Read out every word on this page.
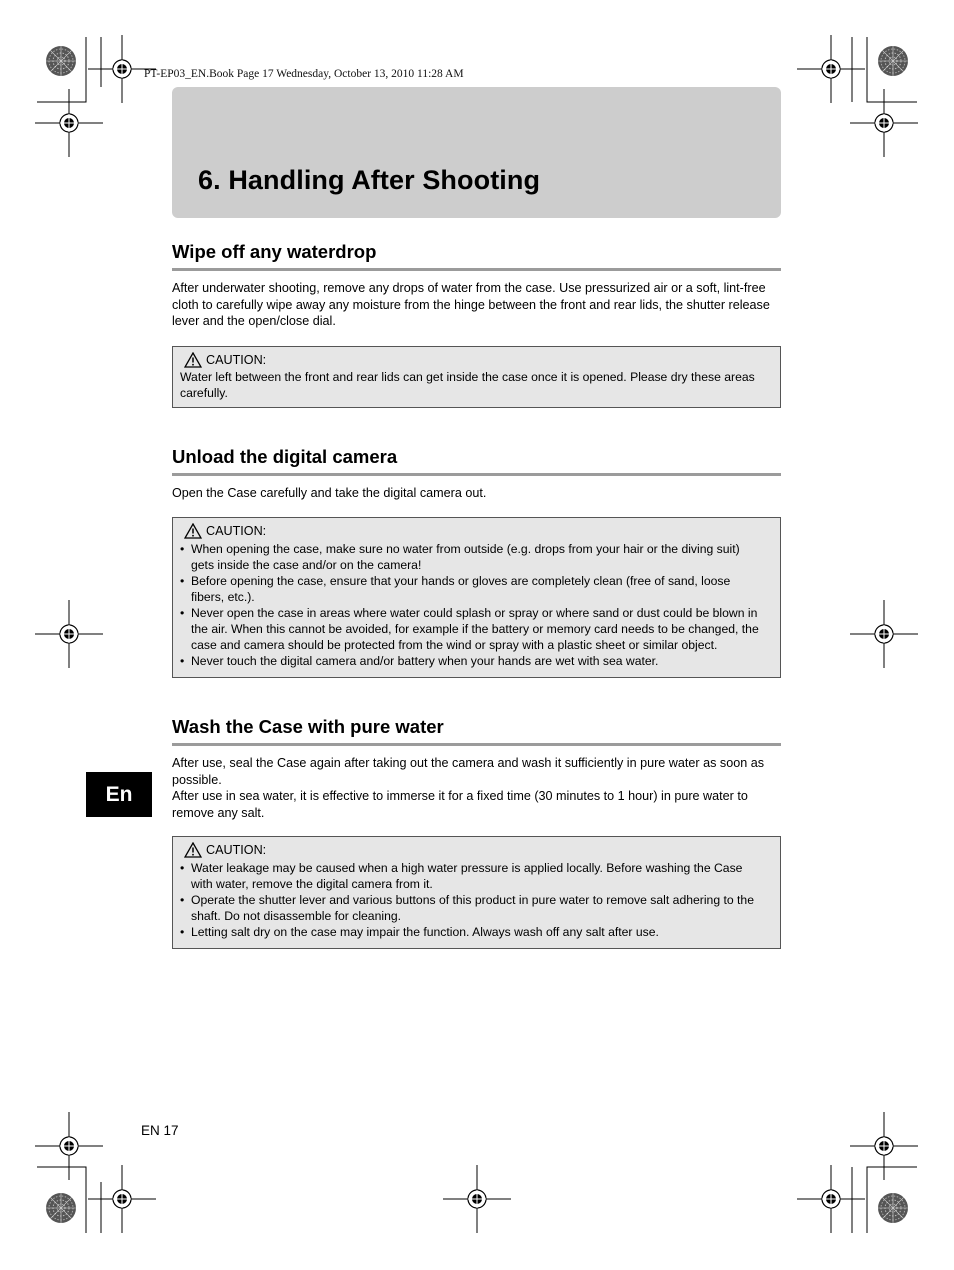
PT-EP03_EN.Book Page 17 Wednesday, October 13, 2010 11:28 AM
6. Handling After Shooting
Wipe off any waterdrop

After underwater shooting, remove any drops of water from the case. Use pressurized air or a soft, lint-free cloth to carefully wipe away any moisture from the hinge between the front and rear lids, the shutter release lever and the open/close dial.

CAUTION:
Water left between the front and rear lids can get inside the case once it is opened. Please dry these areas carefully.
Unload the digital camera

Open the Case carefully and take the digital camera out.

CAUTION:
• When opening the case, make sure no water from outside (e.g. drops from your hair or the diving suit) gets inside the case and/or on the camera!
• Before opening the case, ensure that your hands or gloves are completely clean (free of sand, loose fibers, etc.).
• Never open the case in areas where water could splash or spray or where sand or dust could be blown in the air. When this cannot be avoided, for example if the battery or memory card needs to be changed, the case and camera should be protected from the wind or spray with a plastic sheet or similar object.
• Never touch the digital camera and/or battery when your hands are wet with sea water.
Wash the Case with pure water

After use, seal the Case again after taking out the camera and wash it sufficiently in pure water as soon as possible.

After use in sea water, it is effective to immerse it for a fixed time (30 minutes to 1 hour) in pure water to remove any salt.

CAUTION:
• Water leakage may be caused when a high water pressure is applied locally. Before washing the Case with water, remove the digital camera from it.
• Operate the shutter lever and various buttons of this product in pure water to remove salt adhering to the shaft. Do not disassemble for cleaning.
• Letting salt dry on the case may impair the function. Always wash off any salt after use.
En
EN 17
